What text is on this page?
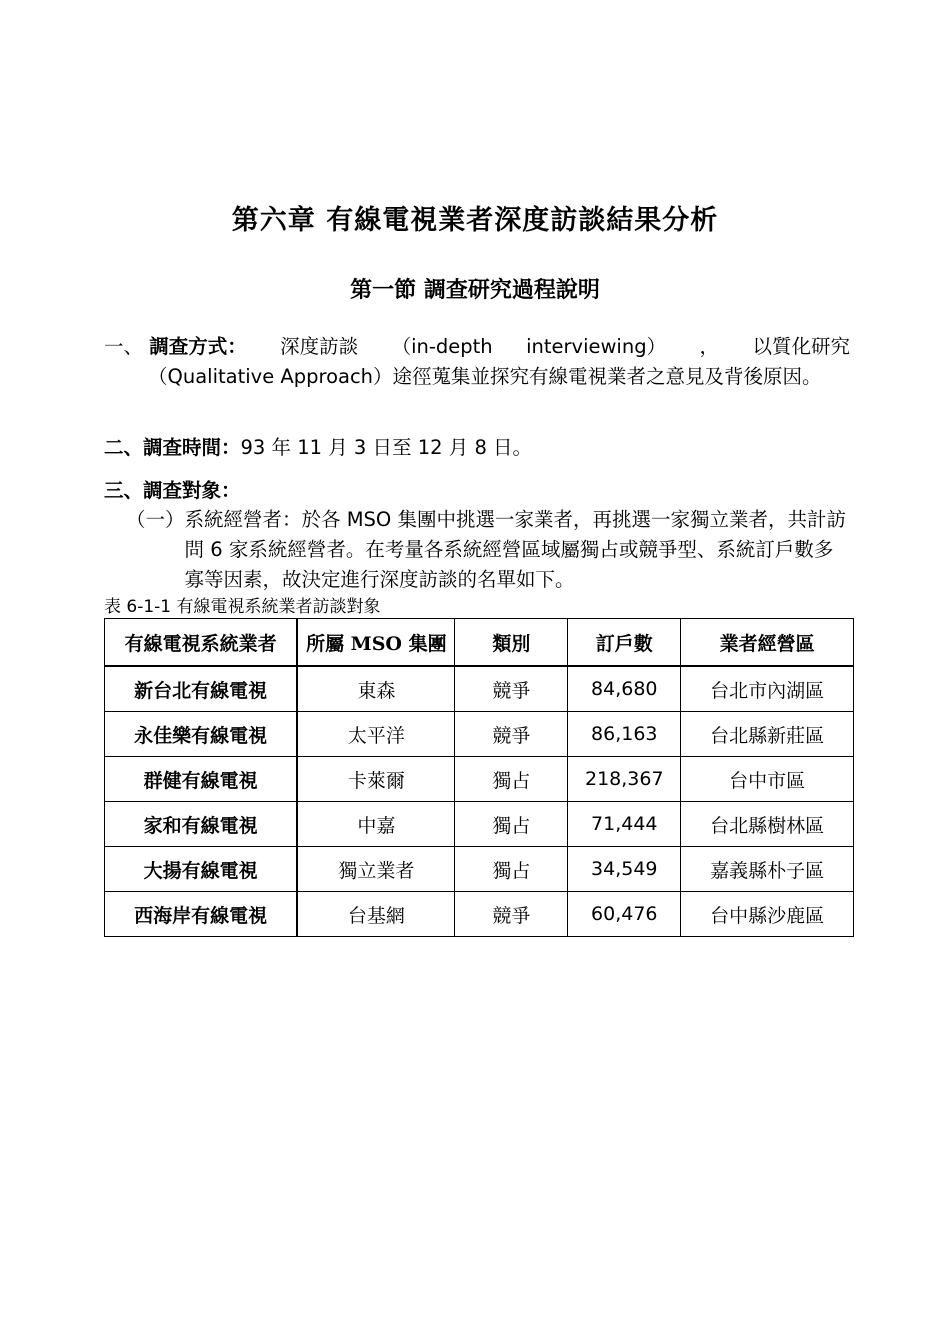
第六章 有線電視業者深度訪談結果分析
第一節 調查研究過程說明
一、 調查方式： 深度訪談 （in-depth interviewing） ， 以質化研究
（Qualitative Approach）途徑蒐集並探究有線電視業者之意見及背後原因。
二、調查時間：93 年 11 月 3 日至 12 月 8 日。
三、調查對象：
（一） 系統經營者：於各 MSO 集團中挑選一家業者，再挑選一家獨立業者，共計訪問 6 家系統經營者。在考量各系統經營區域屬獨占或競爭型、系統訂戶數多寡等因素，故決定進行深度訪談的名單如下。
表 6-1-1 有線電視系統業者訪談對象
有線電視系統業者	所屬 MSO 集團	類別	訂戶數	業者經營區
新台北有線電視	東森	競爭	84,680	台北市內湖區
永佳樂有線電視	太平洋	競爭	86,163	台北縣新莊區
群健有線電視	卡萊爾	獨占	218,367	台中市區
家和有線電視	中嘉	獨占	71,444	台北縣樹林區
大揚有線電視	獨立業者	獨占	34,549	嘉義縣朴子區
西海岸有線電視	台基網	競爭	60,476	台中縣沙鹿區
